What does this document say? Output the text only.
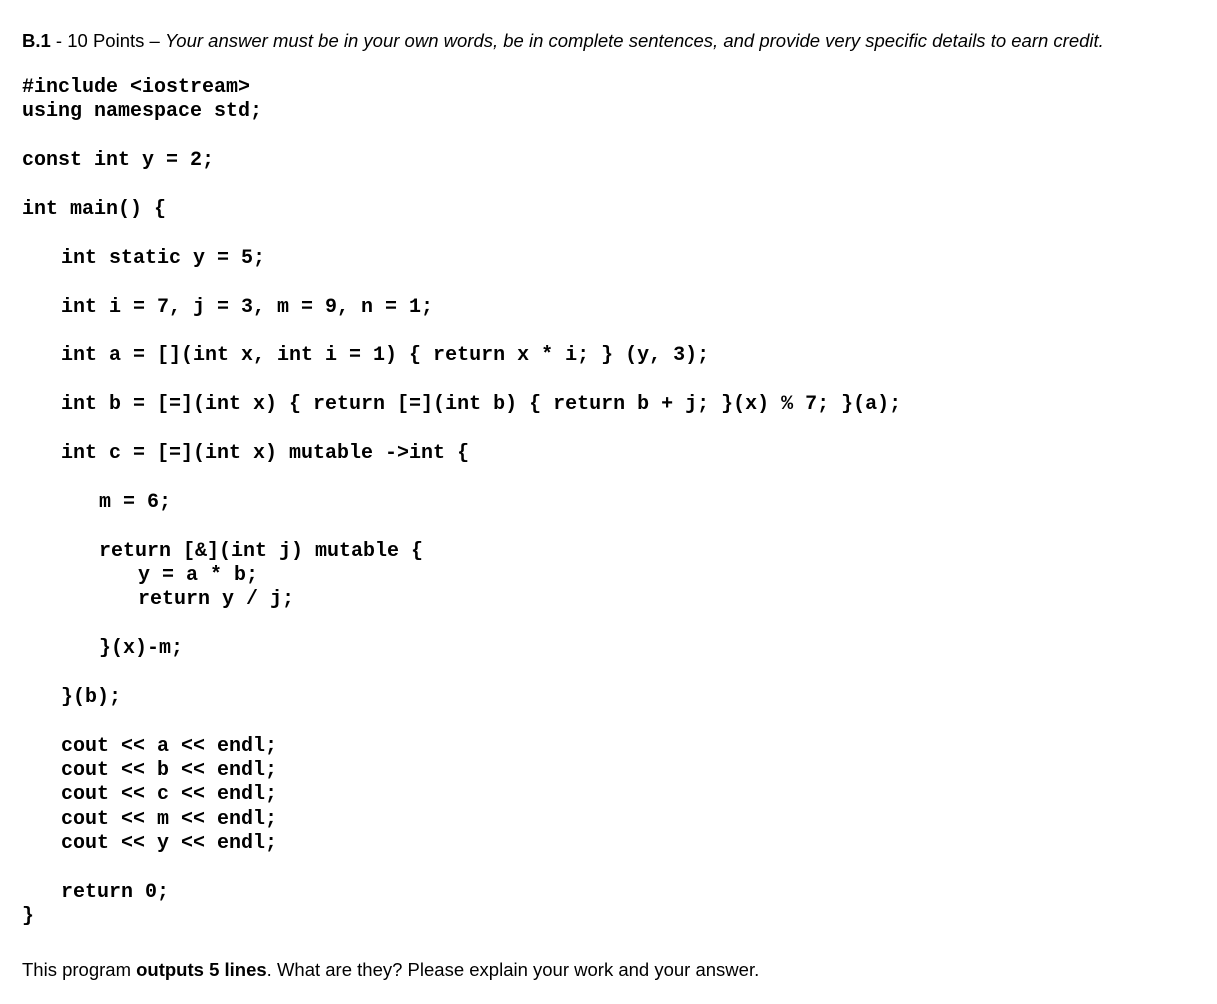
B.1 - 10 Points – Your answer must be in your own words, be in complete sentences, and provide very specific details to earn credit.
#include <iostream>
using namespace std;
const int y = 2;
int main() {
int static y = 5;
int i = 7, j = 3, m = 9, n = 1;
int a = [](int x, int i = 1) { return x * i; } (y, 3);
int b = [=](int x) { return [=](int b) { return b + j; }(x) % 7; }(a);
int c = [=](int x) mutable ->int {
m = 6;
return [&](int j) mutable {
y = a * b;
return y / j;
}(x)-m;
}(b);
cout << a << endl;
cout << b << endl;
cout << c << endl;
cout << m << endl;
cout << y << endl;
return 0;
}
This program outputs 5 lines. What are they? Please explain your work and your answer.
